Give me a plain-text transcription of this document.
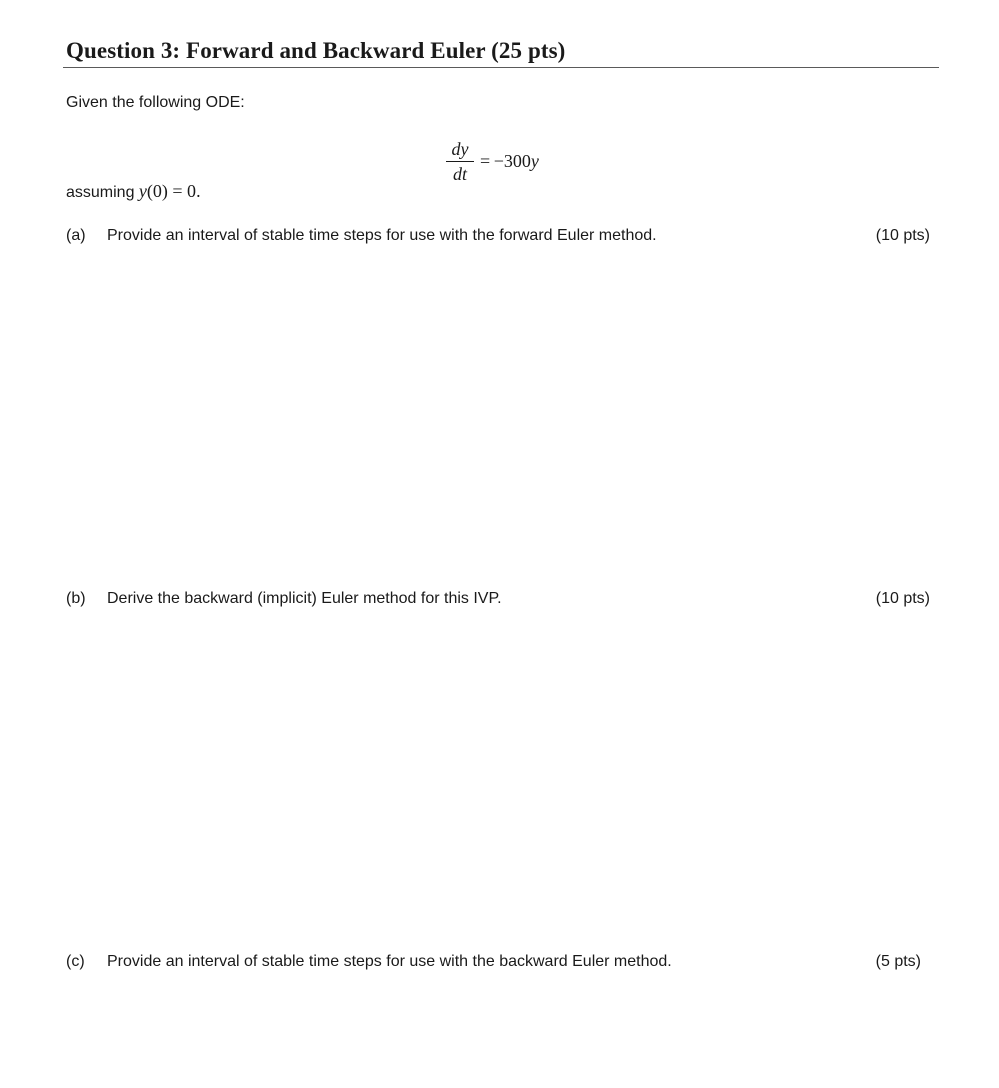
Question 3: Forward and Backward Euler (25 pts)
Given the following ODE:
$\frac{dy}{dt} = -300y$
assuming y(0) = 0.
(a) Provide an interval of stable time steps for use with the forward Euler method.	(10 pts)
(b) Derive the backward (implicit) Euler method for this IVP.	(10 pts)
(c) Provide an interval of stable time steps for use with the backward Euler method.	(5 pts)
